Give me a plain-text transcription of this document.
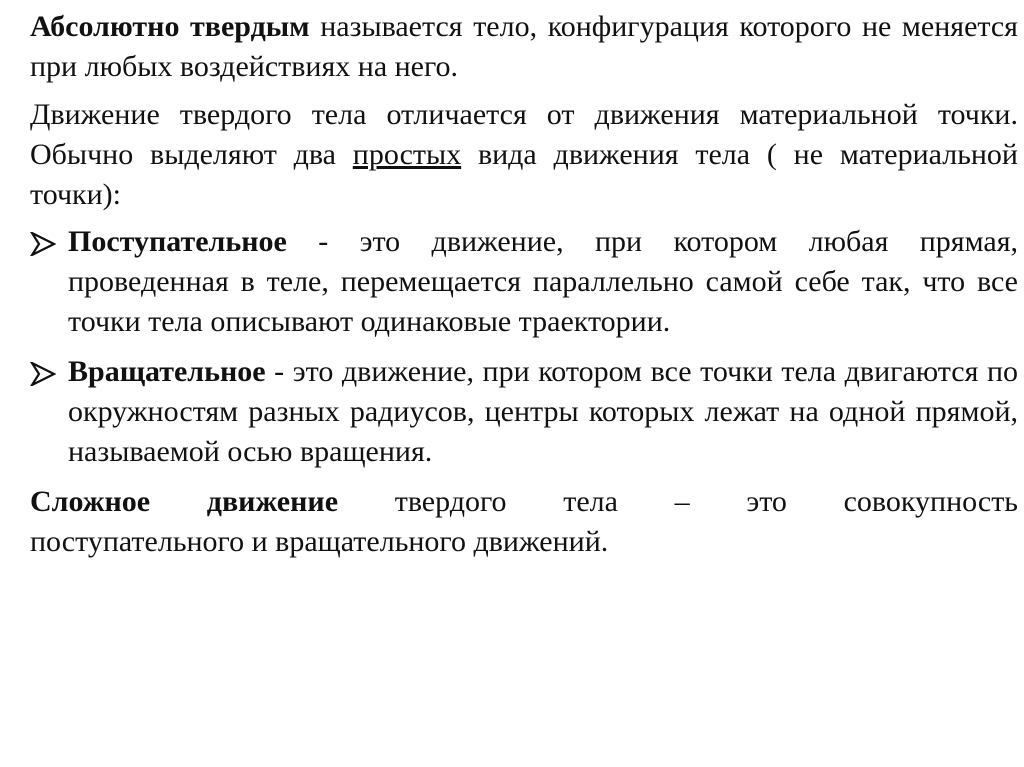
Абсолютно твердым называется тело, конфигурация которого не меняется при любых воздействиях на него.

Движение твердого тела отличается от движения материальной точки. Обычно выделяют два простых вида движения тела ( не материальной точки):

Поступательное - это движение, при котором любая прямая, проведенная в теле, перемещается параллельно самой себе так, что все точки тела описывают одинаковые траектории.

Вращательное - это движение, при котором все точки тела двигаются по окружностям разных радиусов, центры которых лежат на одной прямой, называемой осью вращения.

Сложное движение твердого тела – это совокупность
поступательного и вращательного движений.
